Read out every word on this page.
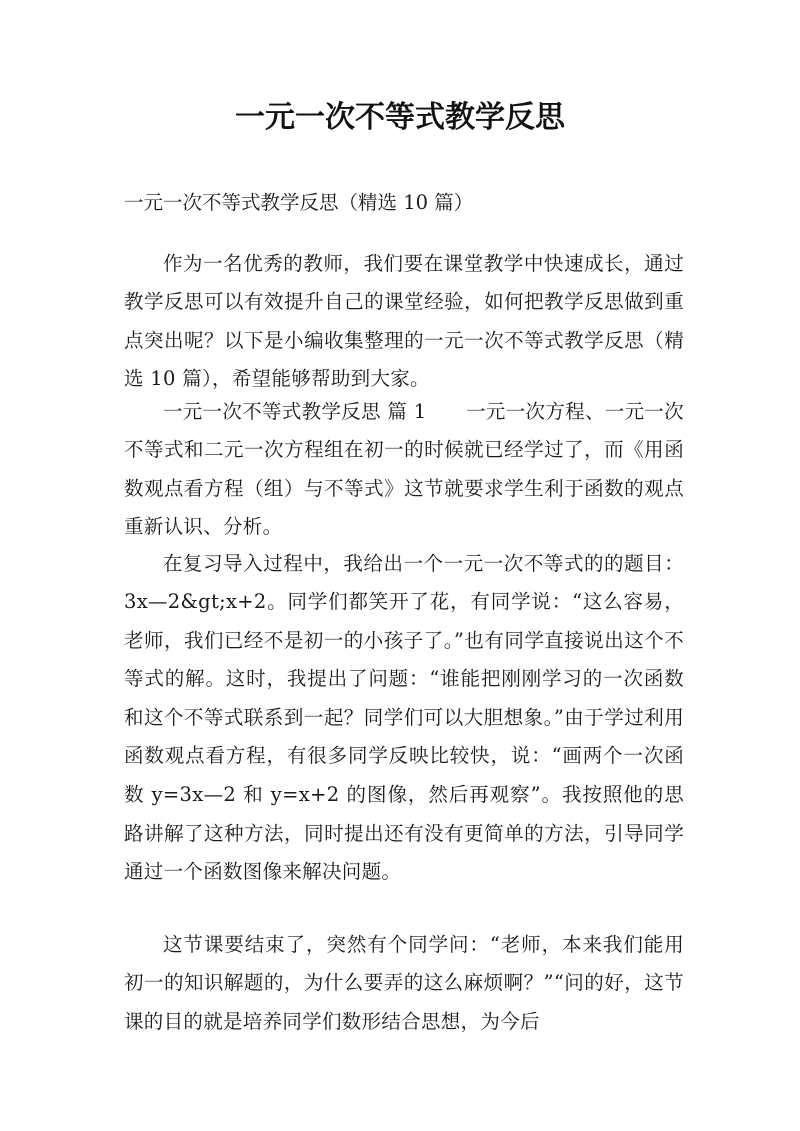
一元一次不等式教学反思
一元一次不等式教学反思（精选 10 篇）

作为一名优秀的教师，我们要在课堂教学中快速成长，通过教学反思可以有效提升自己的课堂经验，如何把教学反思做到重点突出呢？以下是小编收集整理的一元一次不等式教学反思（精选 10 篇），希望能够帮助到大家。

一元一次不等式教学反思 篇 1　　一元一次方程、一元一次不等式和二元一次方程组在初一的时候就已经学过了，而《用函数观点看方程（组）与不等式》这节就要求学生利于函数的观点重新认识、分析。

在复习导入过程中，我给出一个一元一次不等式的的题目：3x—2&gt;x+2。同学们都笑开了花，有同学说：“这么容易，老师，我们已经不是初一的小孩子了。”也有同学直接说出这个不等式的解。这时，我提出了问题：“谁能把刚刚学习的一次函数和这个不等式联系到一起？同学们可以大胆想象。”由于学过利用函数观点看方程，有很多同学反映比较快，说：“画两个一次函数 y=3x—2 和 y=x+2 的图像，然后再观察”。我按照他的思路讲解了这种方法，同时提出还有没有更简单的方法，引导同学通过一个函数图像来解决问题。

这节课要结束了，突然有个同学问：“老师，本来我们能用初一的知识解题的，为什么要弄的这么麻烦啊？”“问的好，这节课的目的就是培养同学们数形结合思想，为今后
